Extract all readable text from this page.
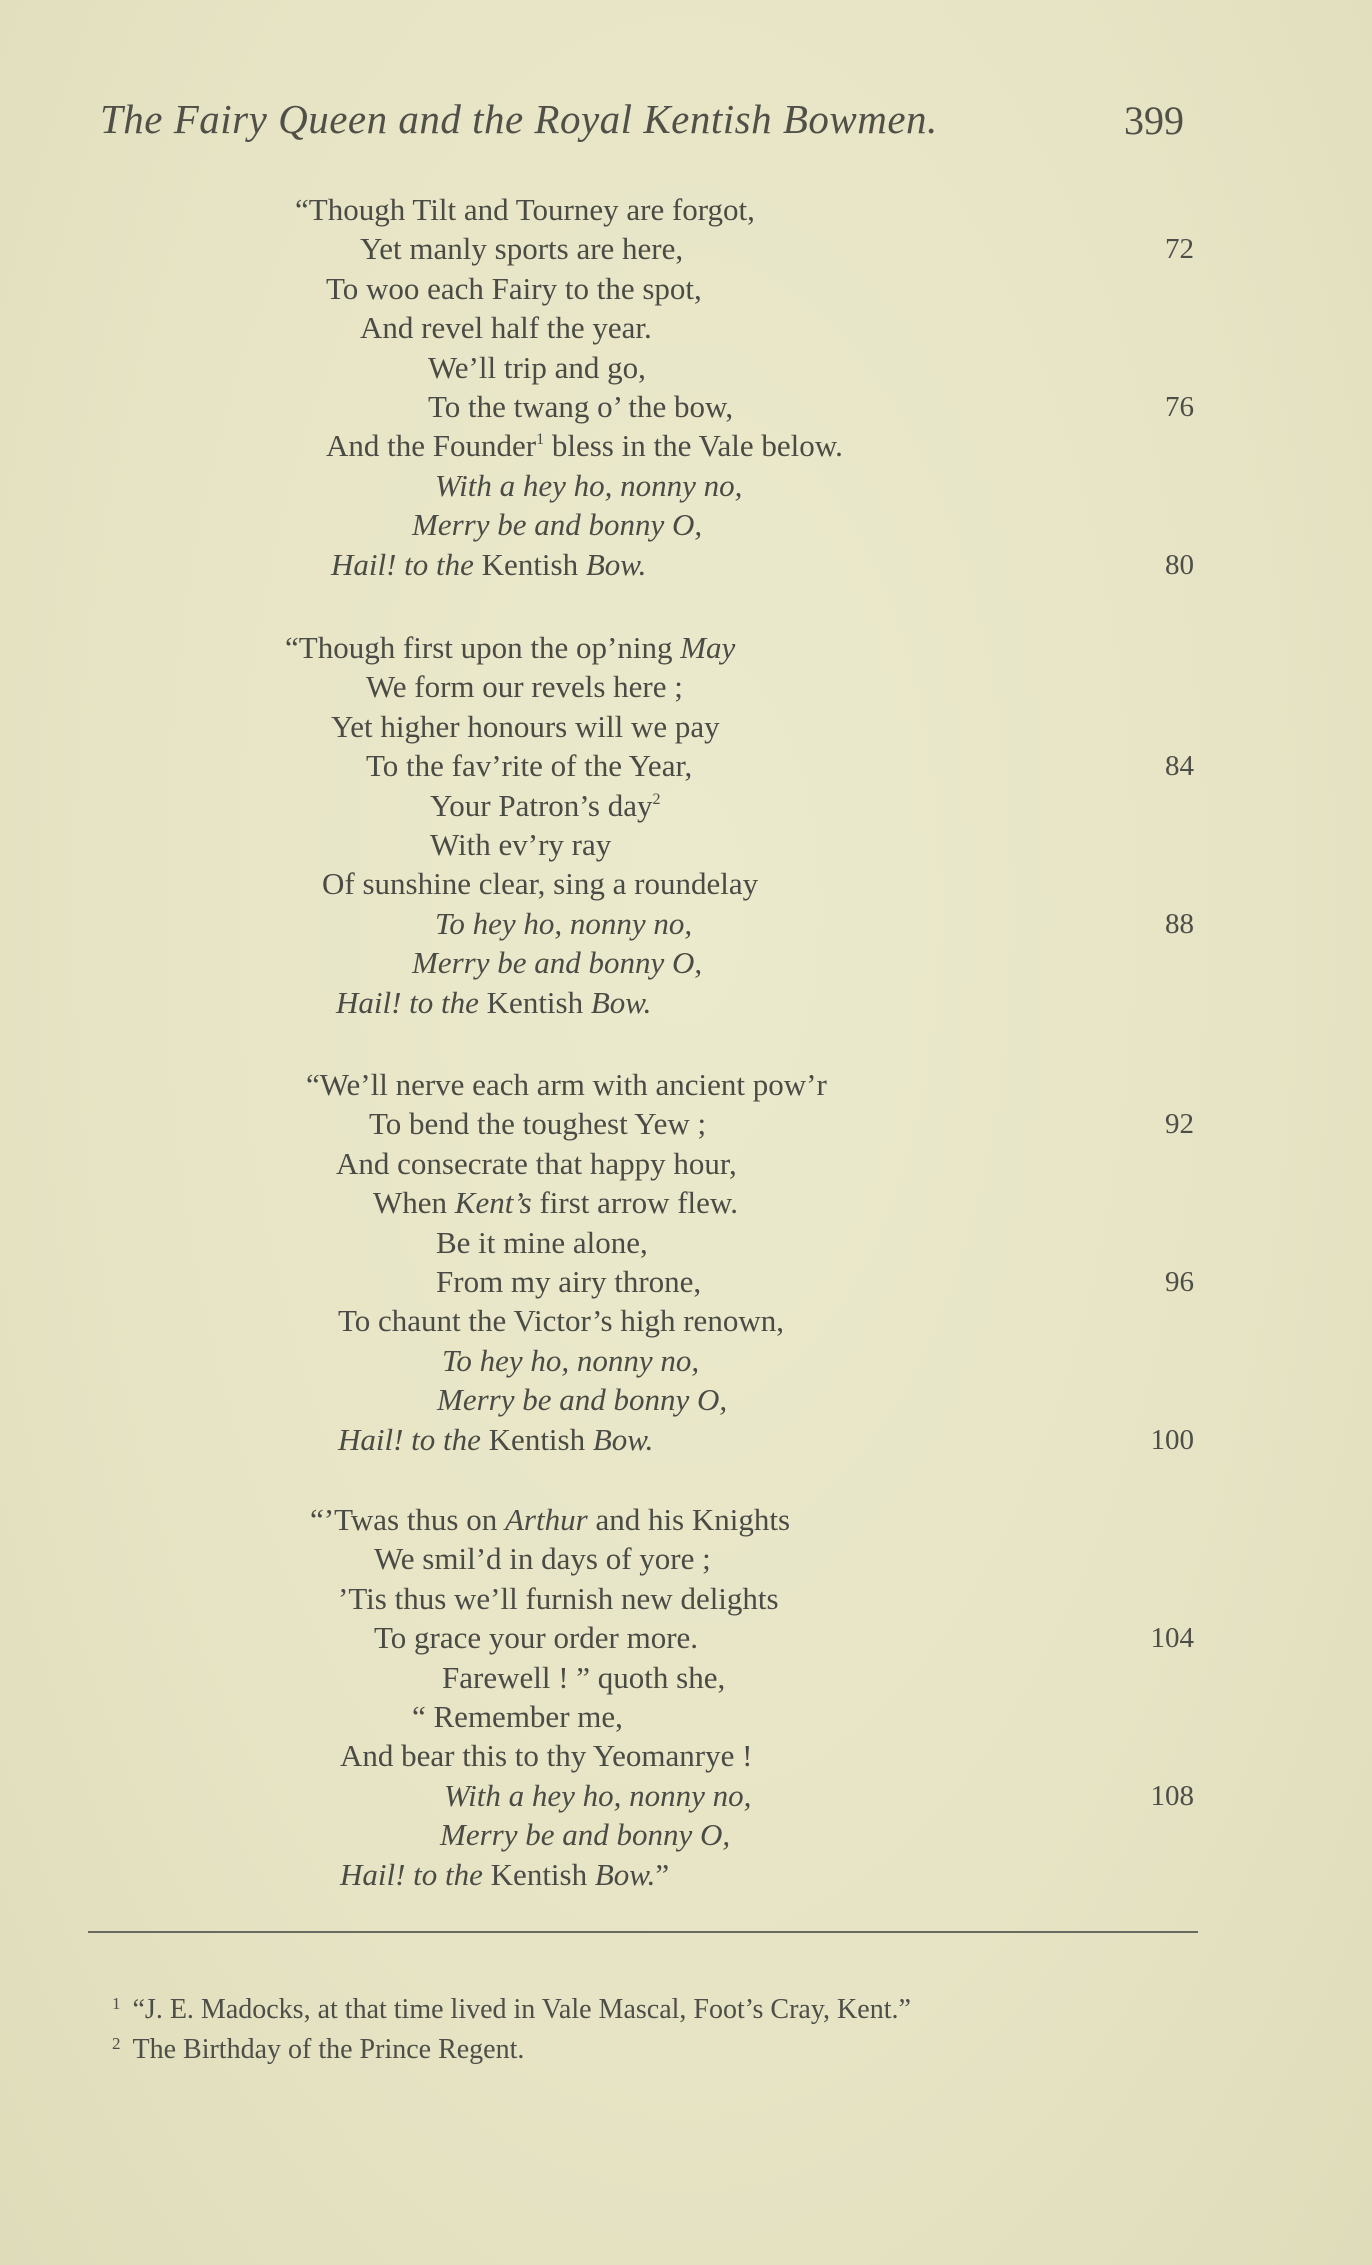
The Fairy Queen and the Royal Kentish Bowmen.	399
“Though Tilt and Tourney are forgot,
Yet manly sports are here,	72
To woo each Fairy to the spot,
And revel half the year.
We’ll trip and go,
To the twang o’ the bow,	76
And the Founder$^1$ bless in the Vale below.
With a hey ho, nonny no,
Merry be and bonny O,
Hail! to the Kentish Bow.	80
“Though first upon the op’ning May
We form our revels here ;
Yet higher honours will we pay
To the fav’rite of the Year,	84
Your Patron’s day$^2$
With ev’ry ray
Of sunshine clear, sing a roundelay
To hey ho, nonny no,	88
Merry be and bonny O,
Hail! to the Kentish Bow.
“We’ll nerve each arm with ancient pow’r
To bend the toughest Yew ;	92
And consecrate that happy hour,
When Kent’s first arrow flew.
Be it mine alone,
From my airy throne,	96
To chaunt the Victor’s high renown,
To hey ho, nonny no,
Merry be and bonny O,
Hail! to the Kentish Bow.	100
“’Twas thus on Arthur and his Knights
We smil’d in days of yore ;
’Tis thus we’ll furnish new delights
To grace your order more.	104
Farewell ! ” quoth she,
“ Remember me,
And bear this to thy Yeomanrye !
With a hey ho, nonny no,	108
Merry be and bonny O,
Hail! to the Kentish Bow.”
$^1$ “J. E. Madocks, at that time lived in Vale Mascal, Foot’s Cray, Kent.”
$^2$ The Birthday of the Prince Regent.
